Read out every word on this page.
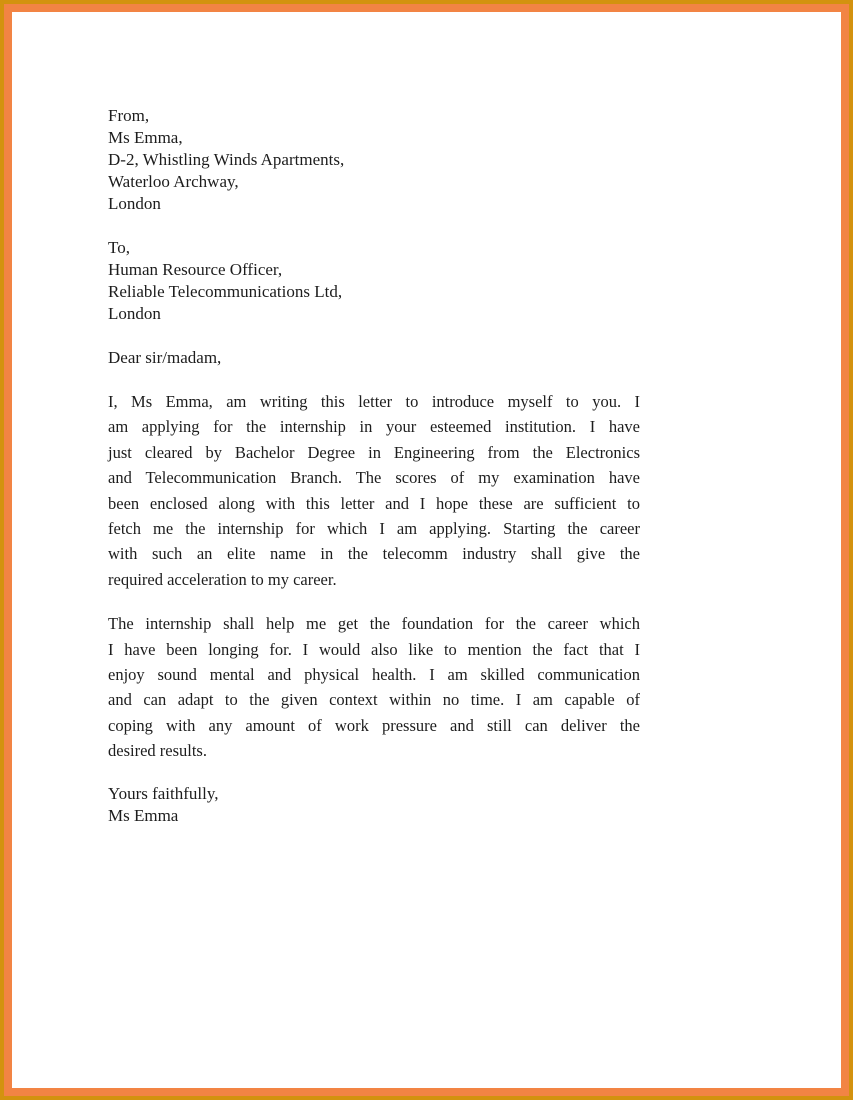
From,
Ms Emma,
D-2, Whistling Winds Apartments,
Waterloo Archway,
London
To,
Human Resource Officer,
Reliable Telecommunications Ltd,
London
Dear sir/madam,
I, Ms Emma, am writing this letter to introduce myself to you. I
am applying for the internship in your esteemed institution. I have
just cleared by Bachelor Degree in Engineering from the Electronics
and Telecommunication Branch. The scores of my examination have
been enclosed along with this letter and I hope these are sufficient to
fetch me the internship for which I am applying. Starting the career
with such an elite name in the telecomm industry shall give the
required acceleration to my career.
The internship shall help me get the foundation for the career which
I have been longing for. I would also like to mention the fact that I
enjoy sound mental and physical health. I am skilled communication
and can adapt to the given context within no time. I am capable of
coping with any amount of work pressure and still can deliver the
desired results.
Yours faithfully,
Ms Emma
